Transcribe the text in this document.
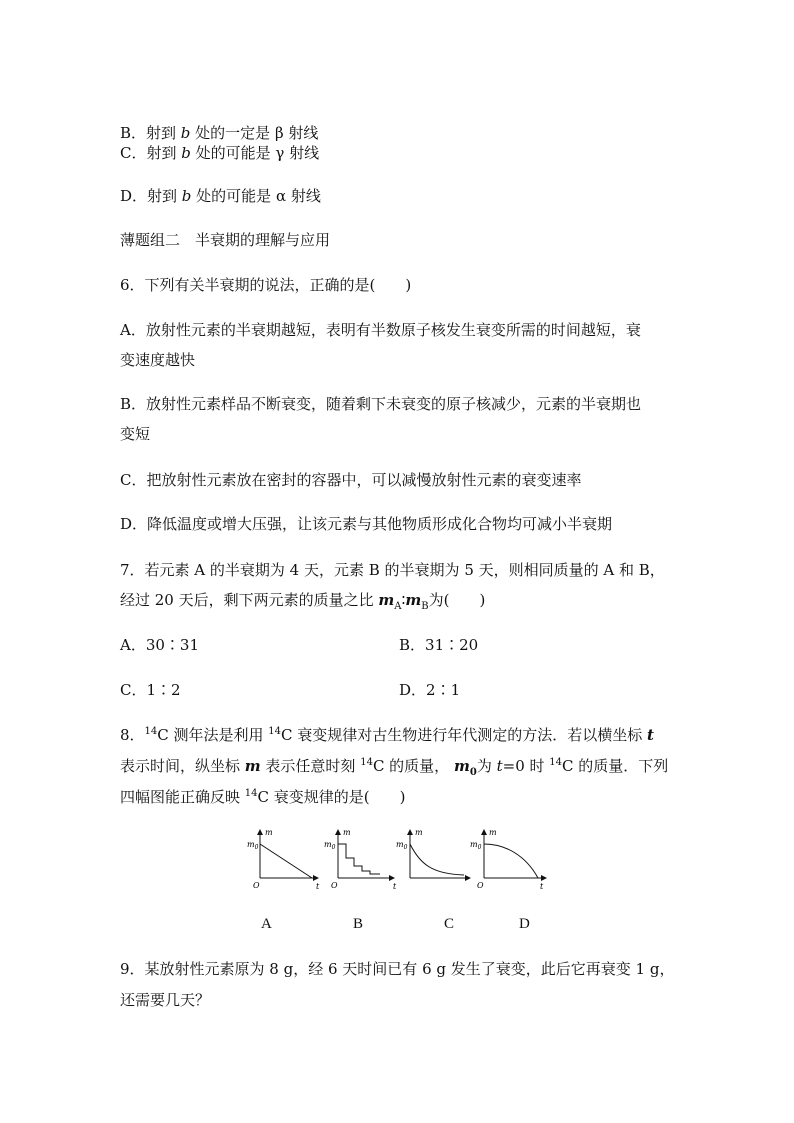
B．射到 b 处的一定是 β 射线
C．射到 b 处的可能是 γ 射线
D．射到 b 处的可能是 α 射线
薄题组二　半衰期的理解与应用
6．下列有关半衰期的说法，正确的是(　　)
A．放射性元素的半衰期越短，表明有半数原子核发生衰变所需的时间越短，衰
变速度越快
B．放射性元素样品不断衰变，随着剩下未衰变的原子核减少，元素的半衰期也
变短
C．把放射性元素放在密封的容器中，可以减慢放射性元素的衰变速率
D．降低温度或增大压强，让该元素与其他物质形成化合物均可减小半衰期
7．若元素 A 的半衰期为 4 天，元素 B 的半衰期为 5 天，则相同质量的 A 和 B，
经过 20 天后，剩下两元素的质量之比 $m_A∶m_B$为(　　)
A．30∶31	B．31∶20
C．1∶2	D．2∶1
8．$^{14}$C 测年法是利用 $^{14}$C 衰变规律对古生物进行年代测定的方法．若以横坐标 t
表示时间，纵坐标 m 表示任意时刻 $^{14}$C 的质量， $m_0$为 t=0 时 $^{14}$C 的质量．下列
四幅图能正确反映 $^{14}$C 衰变规律的是(　　)
m
$m_0$
O	t
m
$m_0$
O	t
m
$m_0$
m
$m_0$
O	t
A	B	C	D
9．某放射性元素原为 8 g，经 6 天时间已有 6 g 发生了衰变，此后它再衰变 1 g，
还需要几天？
